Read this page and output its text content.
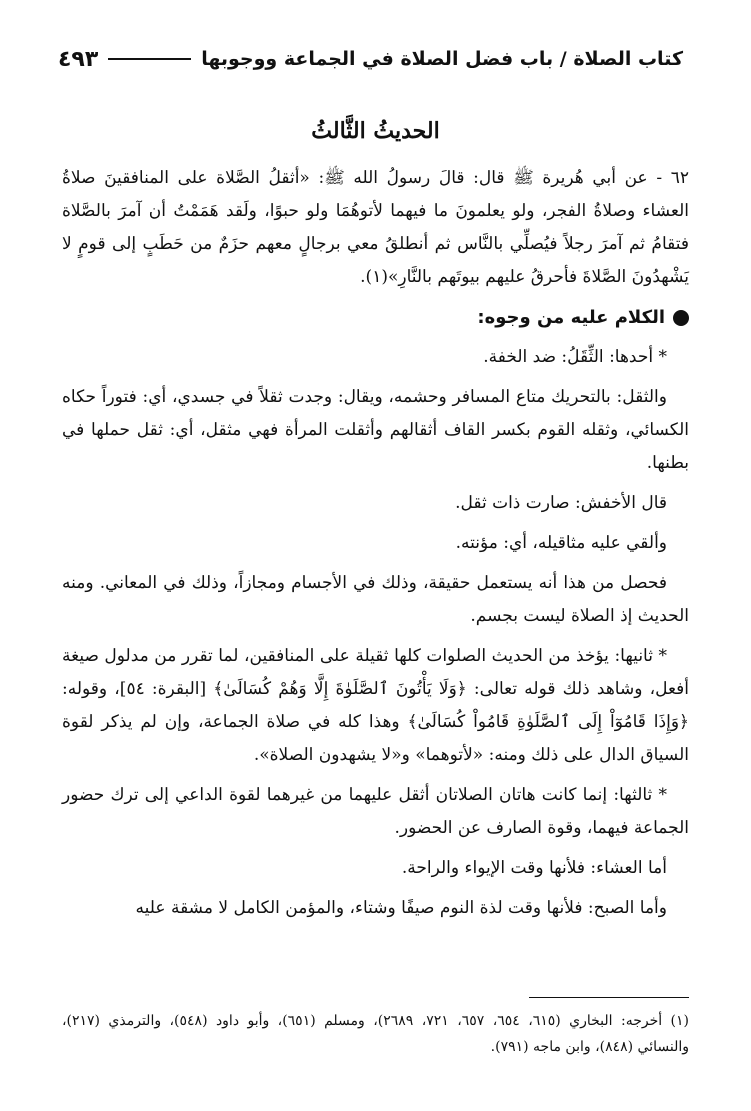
كتاب الصلاة / باب فضل الصلاة في الجماعة ووجوبها
٤٩٣
الحديثُ الثَّالثُ

٦٢ - عن أبي هُريرة ﷺ قال: قالَ رسولُ الله ﷺ: «أثقلُ الصَّلاة على المنافقينَ صلاةُ العشاء وصلاةُ الفجر، ولو يعلمونَ ما فيهما لأتوهُمَا ولو حبوًا، ولَقد هَمَمْتُ أن آمرَ بالصَّلاة فتقامُ ثم آمرَ رجلاً فيُصلِّي بالنَّاس ثم أنطلقُ معي برجالٍ معهم حزَمٌ من حَطَبٍ إلى قومٍ لا يَشْهدُونَ الصَّلاةَ فأحرقُ عليهم بيوتَهم بالنَّارِ»(١).

الكلام عليه من وجوه:

* أحدها: الثِّقَلُ: ضد الخفة.

والثقل: بالتحريك متاع المسافر وحشمه، ويقال: وجدت ثقلاً في جسدي، أي: فتوراً حكاه الكسائي، وثقله القوم بكسر القاف أثقالهم وأثقلت المرأة فهي مثقل، أي: ثقل حملها في بطنها.

قال الأخفش: صارت ذات ثقل.

وألقي عليه مثاقيله، أي: مؤنته.

فحصل من هذا أنه يستعمل حقيقة، وذلك في الأجسام ومجازاً، وذلك في المعاني. ومنه الحديث إذ الصلاة ليست بجسم.

* ثانيها: يؤخذ من الحديث الصلوات كلها ثقيلة على المنافقين، لما تقرر من مدلول صيغة أفعل، وشاهد ذلك قوله تعالى: ﴿وَلَا يَأْتُونَ ٱلصَّلَوٰةَ إِلَّا وَهُمْ كُسَالَىٰ﴾ [البقرة: ٥٤]، وقوله: ﴿وَإِذَا قَامُوٓاْ إِلَى ٱلصَّلَوٰةِ قَامُواْ كُسَالَىٰ﴾ وهذا كله في صلاة الجماعة، وإن لم يذكر لقوة السياق الدال على ذلك ومنه: «لأتوهما» و«لا يشهدون الصلاة».

* ثالثها: إنما كانت هاتان الصلاتان أثقل عليهما من غيرهما لقوة الداعي إلى ترك حضور الجماعة فيهما، وقوة الصارف عن الحضور.

أما العشاء: فلأنها وقت الإيواء والراحة.

وأما الصبح: فلأنها وقت لذة النوم صيفًا وشتاء، والمؤمن الكامل لا مشقة عليه

(١) أخرجه: البخاري (٦١٥، ٦٥٤، ٦٥٧، ٧٢١، ٢٦٨٩)، ومسلم (٦٥١)، وأبو داود (٥٤٨)، والترمذي (٢١٧)، والنسائي (٨٤٨)، وابن ماجه (٧٩١).
